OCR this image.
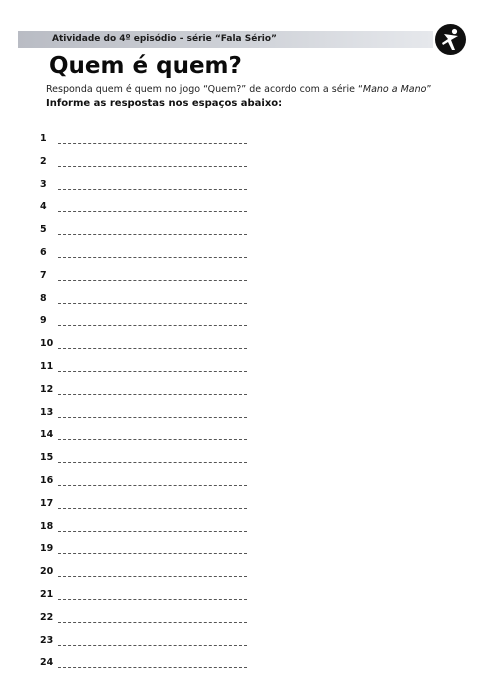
Atividade do 4º episódio - série “Fala Sério”
Quem é quem?
Responda quem é quem no jogo “Quem?” de acordo com a série “Mano a Mano”
Informe as respostas nos espaços abaixo:
1
2
3
4
5
6
7
8
9
10
11
12
13
14
15
16
17
18
19
20
21
22
23
24
